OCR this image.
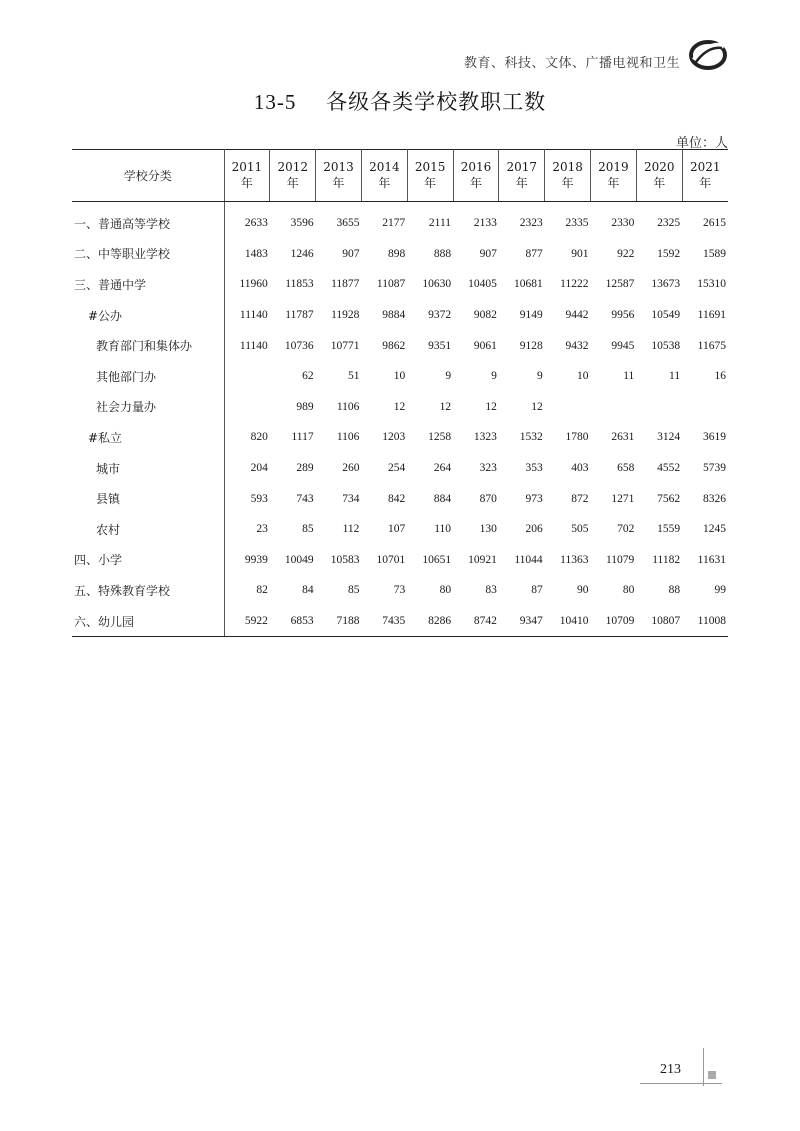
教育、科技、文体、广播电视和卫生
13-5 各级各类学校教职工数
单位：人
学校分类	2011 年	2012 年	2013 年	2014 年	2015 年	2016 年	2017 年	2018 年	2019 年	2020 年	2021 年
一、普通高等学校	2633	3596	3655	2177	2111	2133	2323	2335	2330	2325	2615
二、中等职业学校	1483	1246	907	898	888	907	877	901	922	1592	1589
三、普通中学	11960	11853	11877	11087	10630	10405	10681	11222	12587	13673	15310
#公办	11140	11787	11928	9884	9372	9082	9149	9442	9956	10549	11691
教育部门和集体办	11140	10736	10771	9862	9351	9061	9128	9432	9945	10538	11675
其他部门办		62	51	10	9	9	9	10	11	11	16
社会力量办		989	1106	12	12	12	12				
#私立	820	1117	1106	1203	1258	1323	1532	1780	2631	3124	3619
城市	204	289	260	254	264	323	353	403	658	4552	5739
县镇	593	743	734	842	884	870	973	872	1271	7562	8326
农村	23	85	112	107	110	130	206	505	702	1559	1245
四、小学	9939	10049	10583	10701	10651	10921	11044	11363	11079	11182	11631
五、特殊教育学校	82	84	85	73	80	83	87	90	80	88	99
六、幼儿园	5922	6853	7188	7435	8286	8742	9347	10410	10709	10807	11008
213
